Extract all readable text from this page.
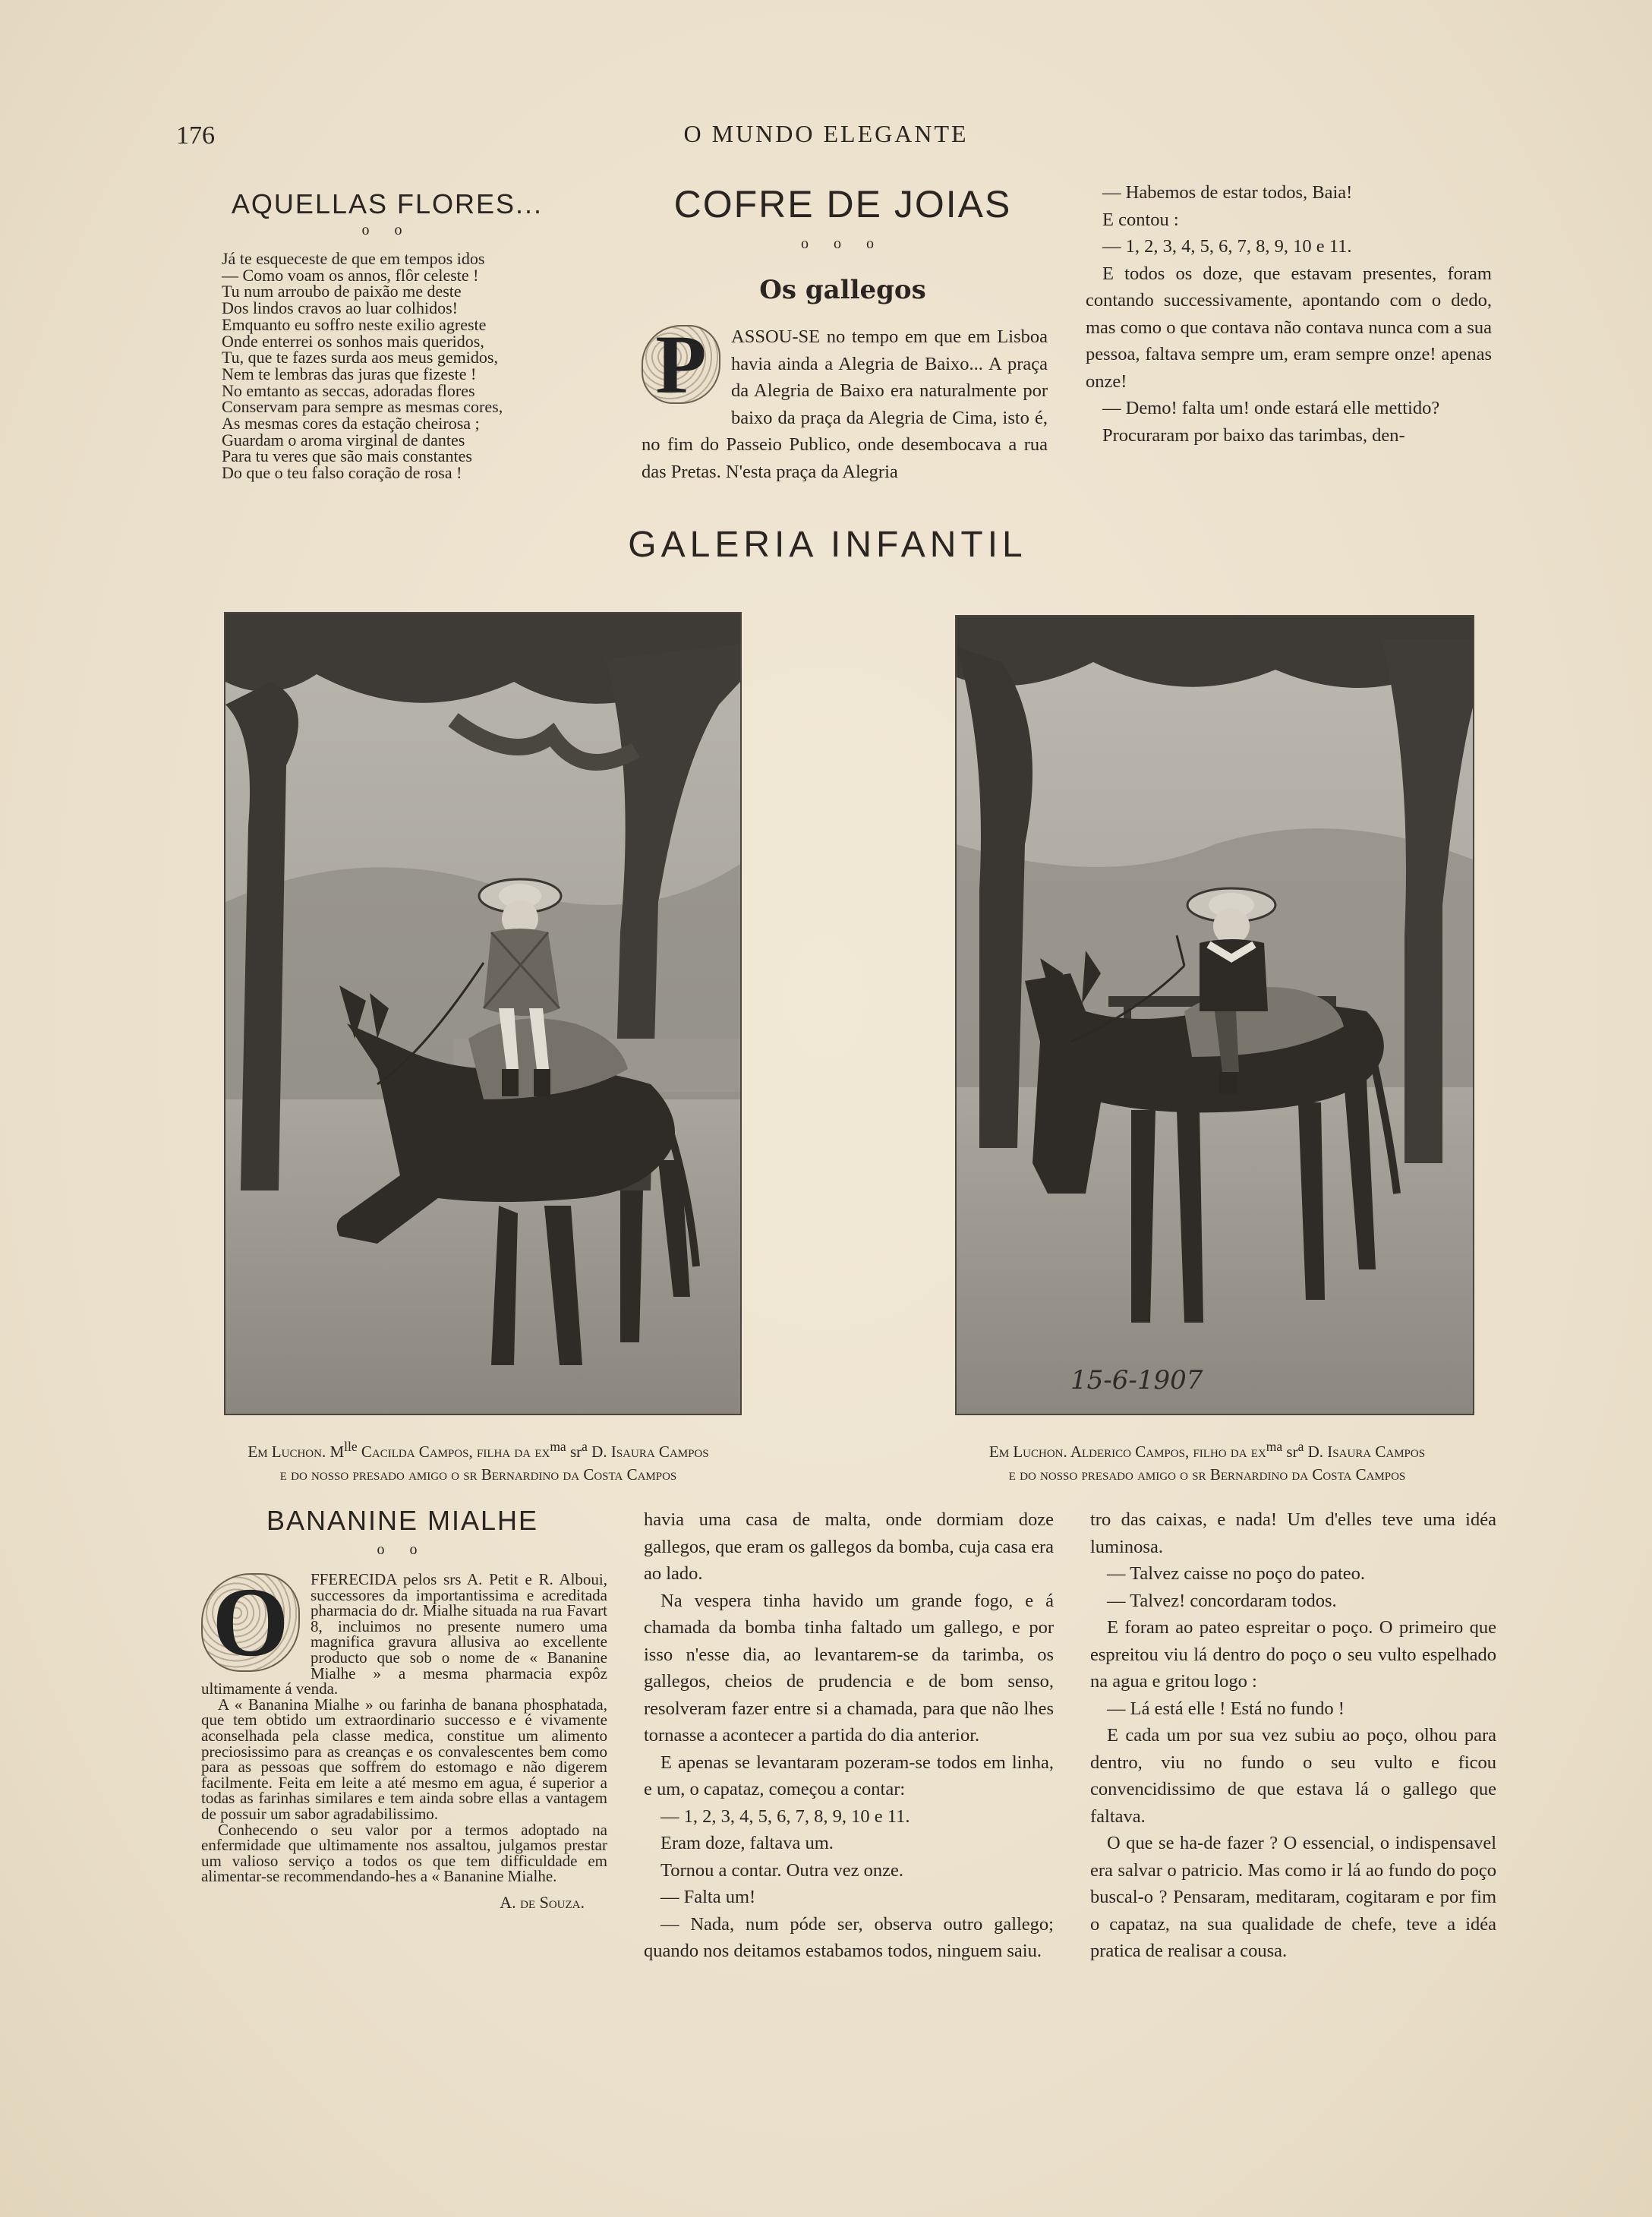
176	O MUNDO ELEGANTE
AQUELLAS FLORES...
o o
Já te esqueceste de que em tempos idos
— Como voam os annos, flôr celeste !
Tu num arroubo de paixão me deste
Dos lindos cravos ao luar colhidos!
Emquanto eu soffro neste exilio agreste
Onde enterrei os sonhos mais queridos,
Tu, que te fazes surda aos meus gemidos,
Nem te lembras das juras que fizeste !
No emtanto as seccas, adoradas flores
Conservam para sempre as mesmas cores,
As mesmas cores da estação cheirosa ;
Guardam o aroma virginal de dantes
Para tu veres que são mais constantes
Do que o teu falso coração de rosa !
COFRE DE JOIAS
o o o
Os gallegos
P	ASSOU-SE no tempo em que em Lisboa havia ainda a Alegria de Baixo... A praça da Alegria de Baixo era naturalmente por baixo da praça da Alegria de Cima, isto é, no fim do Passeio Publico, onde desembocava a rua das Pretas. N'esta praça da Alegria

— Habemos de estar todos, Baia!

E contou :

— 1, 2, 3, 4, 5, 6, 7, 8, 9, 10 e 11.

E todos os doze, que estavam presentes, foram contando successivamente, apontando com o dedo, mas como o que contava não contava nunca com a sua pessoa, faltava sempre um, eram sempre onze! apenas onze!

— Demo! falta um! onde estará elle mettido?

Procuraram por baixo das tarimbas, den-

GALERIA INFANTIL
15-6-1907
Em Luchon. $M^{lle}$ Cacilda Campos, filha da $ex^{ma}$ $sr^a$ D. Isaura Campos
e do nosso presado amigo o sr Bernardino da Costa Campos
Em Luchon. Alderico Campos, filho da $ex^{ma}$ $sr^a$ D. Isaura Campos
e do nosso presado amigo o sr Bernardino da Costa Campos
BANANINE MIALHE
o o
O	FFERECIDA pelos srs A. Petit e R. Alboui, successores da importantissima e acreditada pharmacia do dr. Mialhe situada na rua Favart 8, incluimos no presente numero uma magnifica gravura allusiva ao excellente producto que sob o nome de « Bananine Mialhe » a mesma pharmacia expôz ultimamente á venda.

A « Bananina Mialhe » ou farinha de banana phosphatada, que tem obtido um extraordinario successo e é vivamente aconselhada pela classe medica, constitue um alimento preciosissimo para as creanças e os convalescentes bem como para as pessoas que soffrem do estomago e não digerem facilmente. Feita em leite a até mesmo em agua, é superior a todas as farinhas similares e tem ainda sobre ellas a vantagem de possuir um sabor agradabilissimo.

Conhecendo o seu valor por a termos adoptado na enfermidade que ultimamente nos assaltou, julgamos prestar um valioso serviço a todos os que tem difficuldade em alimentar-se recommendando-hes a « Bananine Mialhe.

A. de Souza.

havia uma casa de malta, onde dormiam doze gallegos, que eram os gallegos da bomba, cuja casa era ao lado.

Na vespera tinha havido um grande fogo, e á chamada da bomba tinha faltado um gallego, e por isso n'esse dia, ao levantarem-se da tarimba, os gallegos, cheios de prudencia e de bom senso, resolveram fazer entre si a chamada, para que não lhes tornasse a acontecer a partida do dia anterior.

E apenas se levantaram pozeram-se todos em linha, e um, o capataz, começou a contar:

— 1, 2, 3, 4, 5, 6, 7, 8, 9, 10 e 11.

Eram doze, faltava um.

Tornou a contar. Outra vez onze.

— Falta um!

— Nada, num póde ser, observa outro gallego; quando nos deitamos estabamos todos, ninguem saiu.

tro das caixas, e nada! Um d'elles teve uma idéa luminosa.

— Talvez caisse no poço do pateo.

— Talvez! concordaram todos.

E foram ao pateo espreitar o poço. O primeiro que espreitou viu lá dentro do poço o seu vulto espelhado na agua e gritou logo :

— Lá está elle ! Está no fundo !

E cada um por sua vez subiu ao poço, olhou para dentro, viu no fundo o seu vulto e ficou convencidissimo de que estava lá o gallego que faltava.

O que se ha-de fazer ? O essencial, o indispensavel era salvar o patricio. Mas como ir lá ao fundo do poço buscal-o ? Pensaram, meditaram, cogitaram e por fim o capataz, na sua qualidade de chefe, teve a idéa pratica de realisar a cousa.
